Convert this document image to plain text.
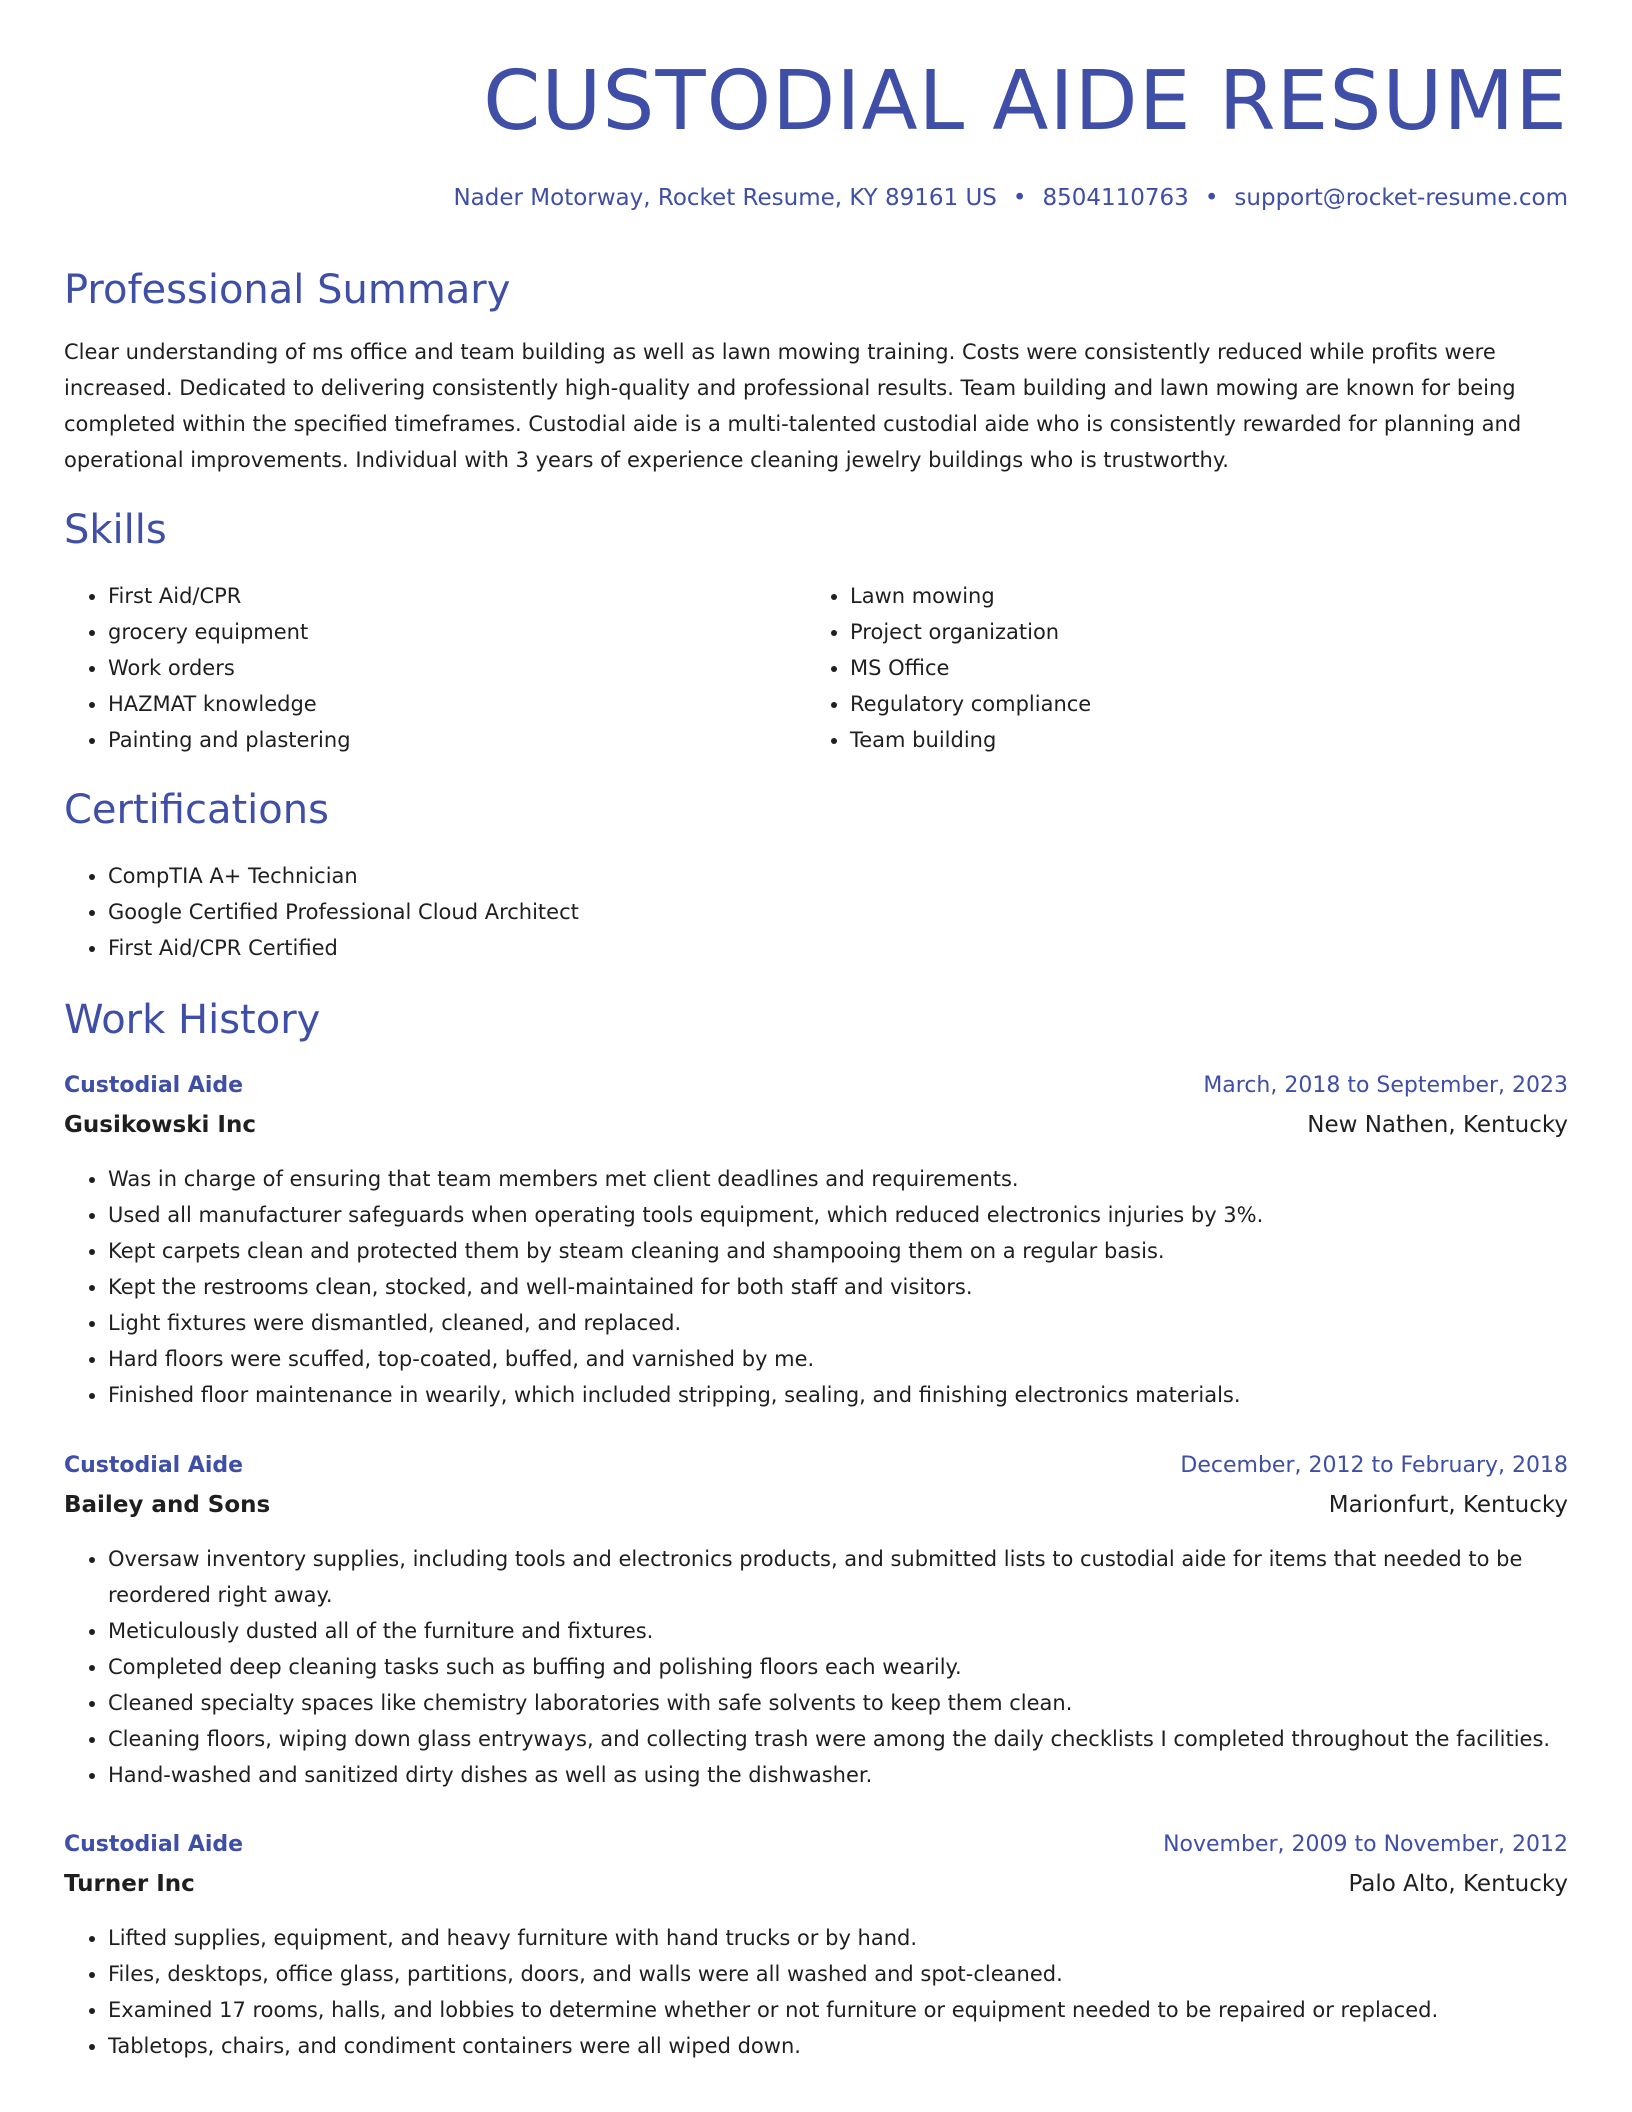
CUSTODIAL AIDE RESUME
Nader Motorway, Rocket Resume, KY 89161 US • 8504110763 • support@rocket-resume.com
Professional Summary

Clear understanding of ms office and team building as well as lawn mowing training. Costs were consistently reduced while profits were increased. Dedicated to delivering consistently high-quality and professional results. Team building and lawn mowing are known for being completed within the specified timeframes. Custodial aide is a multi-talented custodial aide who is consistently rewarded for planning and operational improvements. Individual with 3 years of experience cleaning jewelry buildings who is trustworthy.

Skills
• First Aid/CPR
• grocery equipment
• Work orders
• HAZMAT knowledge
• Painting and plastering
• Lawn mowing
• Project organization
• MS Office
• Regulatory compliance
• Team building
Certifications
• CompTIA A+ Technician
• Google Certified Professional Cloud Architect
• First Aid/CPR Certified
Work History
Custodial Aide	March, 2018 to September, 2023
Gusikowski Inc	New Nathen, Kentucky
• Was in charge of ensuring that team members met client deadlines and requirements.
• Used all manufacturer safeguards when operating tools equipment, which reduced electronics injuries by 3%.
• Kept carpets clean and protected them by steam cleaning and shampooing them on a regular basis.
• Kept the restrooms clean, stocked, and well-maintained for both staff and visitors.
• Light fixtures were dismantled, cleaned, and replaced.
• Hard floors were scuffed, top-coated, buffed, and varnished by me.
• Finished floor maintenance in wearily, which included stripping, sealing, and finishing electronics materials.
Custodial Aide	December, 2012 to February, 2018
Bailey and Sons	Marionfurt, Kentucky
• Oversaw inventory supplies, including tools and electronics products, and submitted lists to custodial aide for items that needed to be reordered right away.
• Meticulously dusted all of the furniture and fixtures.
• Completed deep cleaning tasks such as buffing and polishing floors each wearily.
• Cleaned specialty spaces like chemistry laboratories with safe solvents to keep them clean.
• Cleaning floors, wiping down glass entryways, and collecting trash were among the daily checklists I completed throughout the facilities.
• Hand-washed and sanitized dirty dishes as well as using the dishwasher.
Custodial Aide	November, 2009 to November, 2012
Turner Inc	Palo Alto, Kentucky
• Lifted supplies, equipment, and heavy furniture with hand trucks or by hand.
• Files, desktops, office glass, partitions, doors, and walls were all washed and spot-cleaned.
• Examined 17 rooms, halls, and lobbies to determine whether or not furniture or equipment needed to be repaired or replaced.
• Tabletops, chairs, and condiment containers were all wiped down.
